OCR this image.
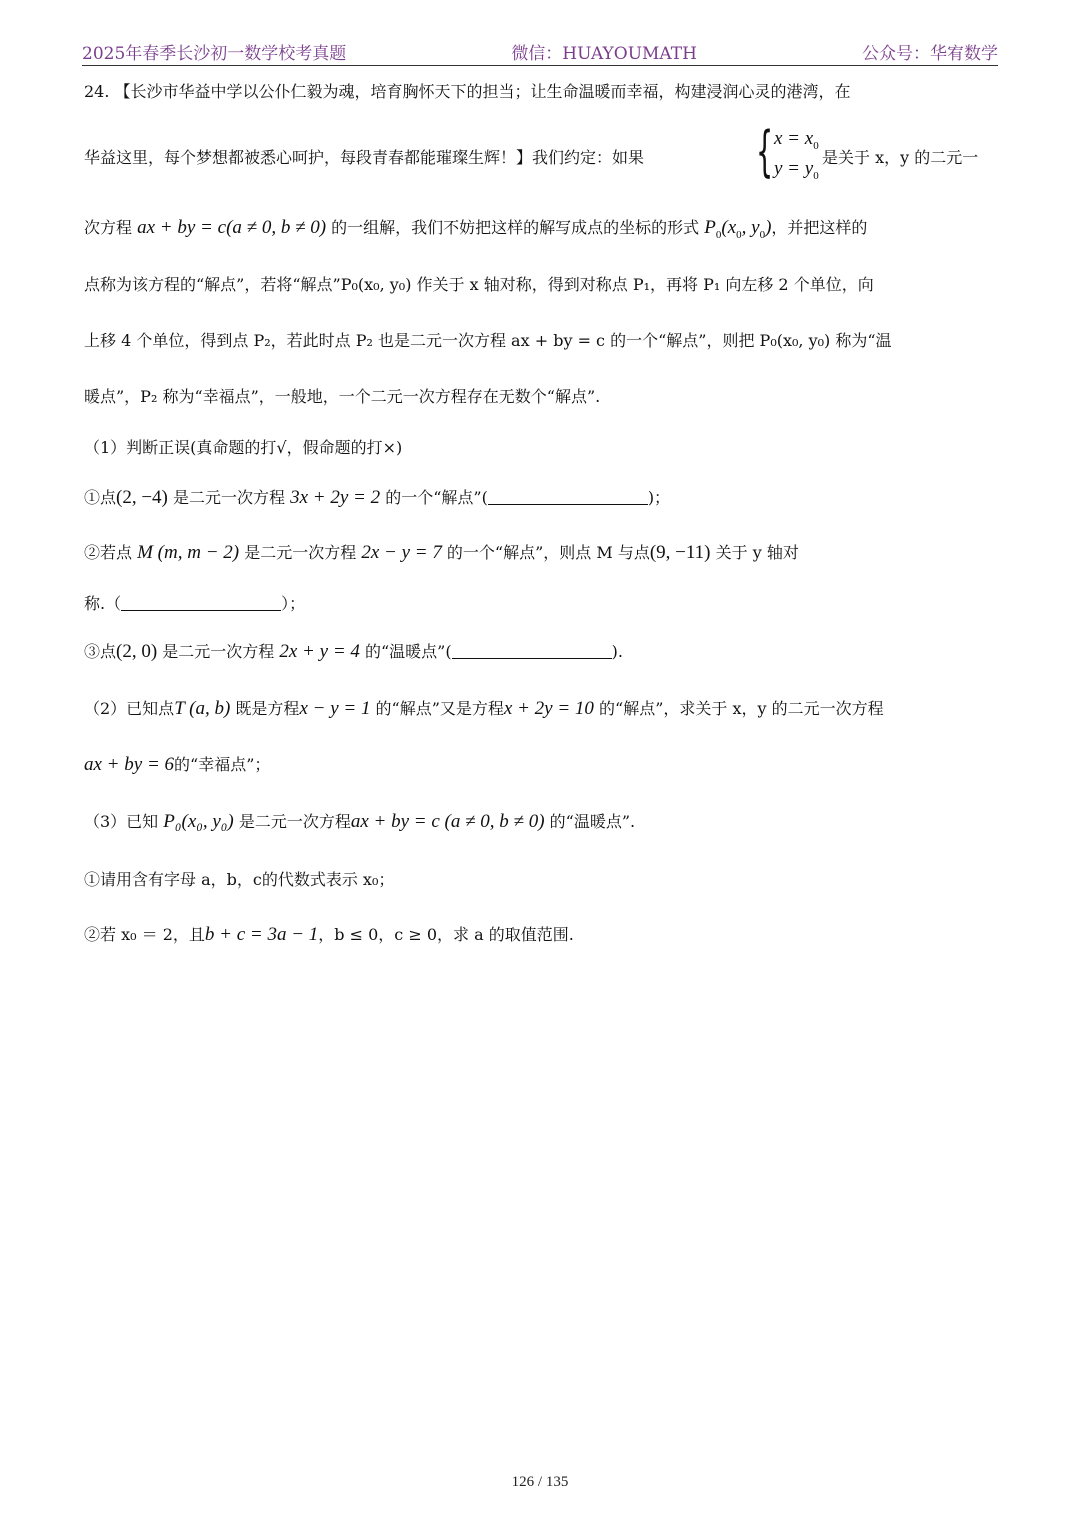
2025年春季长沙初一数学校考真题	微信：HUAYOUMATH	公众号：华宥数学
24. 【长沙市华益中学以公仆仁毅为魂，培育胸怀天下的担当；让生命温暖而幸福，构建浸润心灵的港湾，在
华益这里，每个梦想都被悉心呵护，每段青春都能璀璨生辉！】我们约定：如果 { $x = x_0$
$y = y_0$
是关于 x，y 的二元一
次方程 ax + by = c(a ≠ 0, b ≠ 0) 的一组解，我们不妨把这样的解写成点的坐标的形式 $P_0(x_0$, $y_0$)，并把这样的
点称为该方程的“解点”，若将“解点”P₀(x₀, y₀) 作关于 x 轴对称，得到对称点 P₁，再将 P₁ 向左移 2 个单位，向
上移 4 个单位，得到点 P₂，若此时点 P₂ 也是二元一次方程 ax + by = c 的一个“解点”，则把 P₀(x₀, y₀) 称为“温
暖点”，P₂ 称为“幸福点”，一般地，一个二元一次方程存在无数个“解点”.
（1）判断正误(真命题的打√，假命题的打×)
①点(2, −4) 是二元一次方程 3x + 2y = 2 的一个“解点”(	)；
②若点 M (m, m − 2) 是二元一次方程 2x − y = 7 的一个“解点”，则点 M 与点(9, −11) 关于 y 轴对
称.（	）；
③点(2, 0) 是二元一次方程 2x + y = 4 的“温暖点”(	).
（2）已知点T (a, b) 既是方程x − y = 1 的“解点”又是方程x + 2y = 10 的“解点”，求关于 x，y 的二元一次方程
ax + by = 6的“幸福点”；
（3）已知 P₀(x₀, y₀) 是二元一次方程ax + by = c (a ≠ 0, b ≠ 0) 的“温暖点”.
①请用含有字母 a，b，c的代数式表示 x₀；
②若 x₀ ＝ 2，且b + c = 3a − 1，b ≤ 0，c ≥ 0，求 a 的取值范围.
126 / 135
